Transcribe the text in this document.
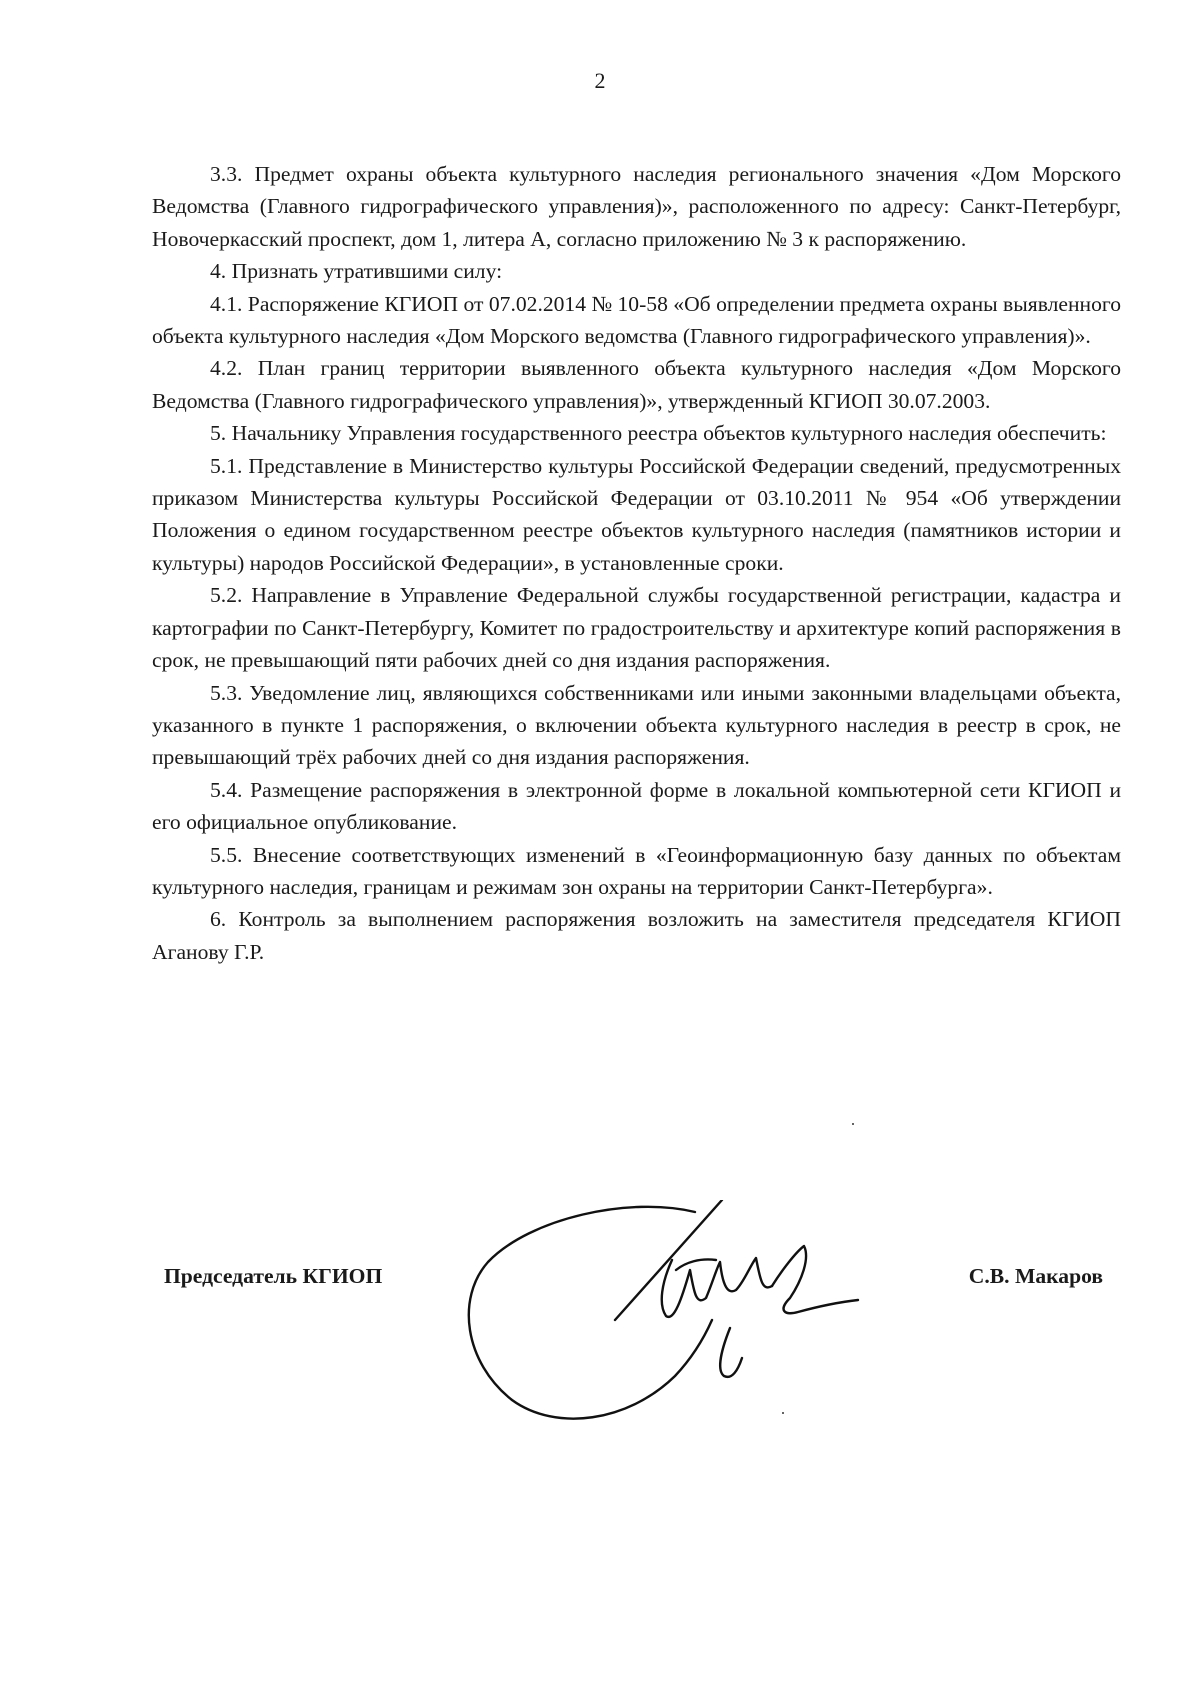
2

3.3. Предмет охраны объекта культурного наследия регионального значения «Дом Морского Ведомства (Главного гидрографического управления)», расположенного по адресу: Санкт-Петербург, Новочеркасский проспект, дом 1, литера А, согласно приложению № 3 к распоряжению.

4. Признать утратившими силу:

4.1. Распоряжение КГИОП от 07.02.2014 № 10-58 «Об определении предмета охраны выявленного объекта культурного наследия «Дом Морского ведомства (Главного гидрографического управления)».

4.2. План границ территории выявленного объекта культурного наследия «Дом Морского Ведомства (Главного гидрографического управления)», утвержденный КГИОП 30.07.2003.

5. Начальнику Управления государственного реестра объектов культурного наследия обеспечить:

5.1. Представление в Министерство культуры Российской Федерации сведений, предусмотренных приказом Министерства культуры Российской Федерации от 03.10.2011 № 954 «Об утверждении Положения о едином государственном реестре объектов культурного наследия (памятников истории и культуры) народов Российской Федерации», в установленные сроки.

5.2. Направление в Управление Федеральной службы государственной регистрации, кадастра и картографии по Санкт-Петербургу, Комитет по градостроительству и архитектуре копий распоряжения в срок, не превышающий пяти рабочих дней со дня издания распоряжения.

5.3. Уведомление лиц, являющихся собственниками или иными законными владельцами объекта, указанного в пункте 1 распоряжения, о включении объекта культурного наследия в реестр в срок, не превышающий трёх рабочих дней со дня издания распоряжения.

5.4. Размещение распоряжения в электронной форме в локальной компьютерной сети КГИОП и его официальное опубликование.

5.5. Внесение соответствующих изменений в «Геоинформационную базу данных по объектам культурного наследия, границам и режимам зон охраны на территории Санкт-Петербурга».

6. Контроль за выполнением распоряжения возложить на заместителя председателя КГИОП Аганову Г.Р.

Председатель КГИОП	С.В. Макаров
